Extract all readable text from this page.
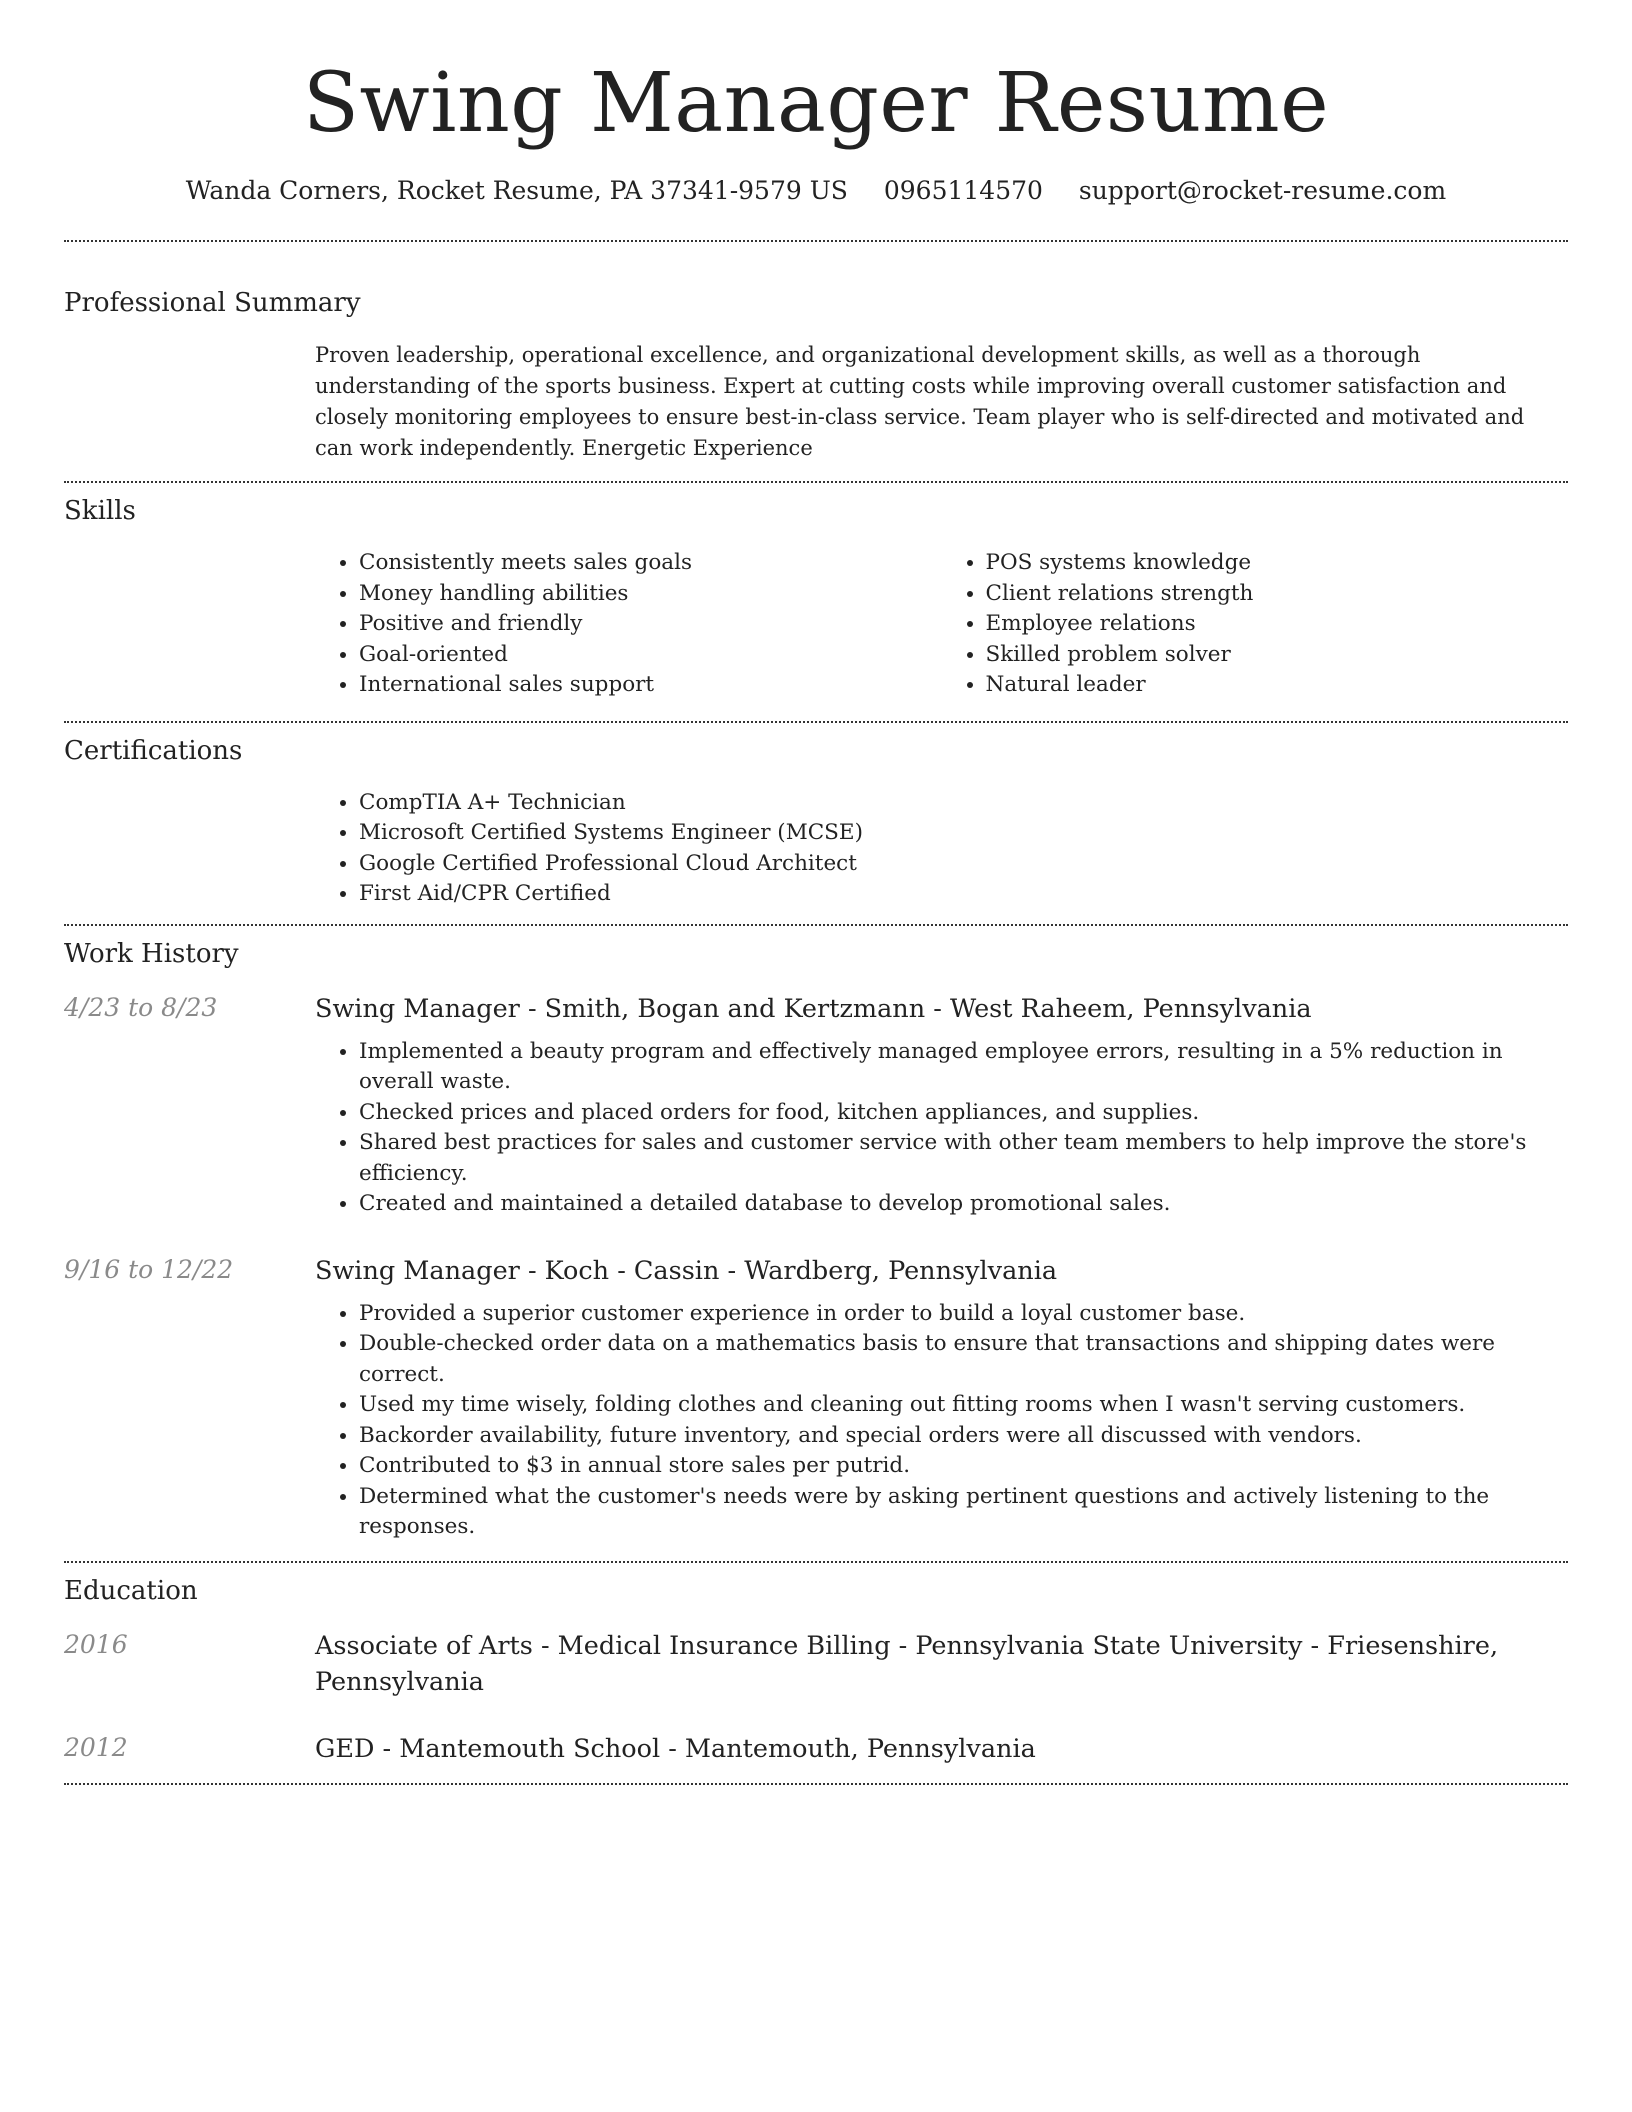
Swing Manager Resume
Wanda Corners, Rocket Resume, PA 37341-9579 US 0965114570 support@rocket-resume.com
Professional Summary
Proven leadership, operational excellence, and organizational development skills, as well as a thorough understanding of the sports business. Expert at cutting costs while improving overall customer satisfaction and closely monitoring employees to ensure best-in-class service. Team player who is self-directed and motivated and can work independently. Energetic Experience
Skills
• Consistently meets sales goals
• Money handling abilities
• Positive and friendly
• Goal-oriented
• International sales support
• POS systems knowledge
• Client relations strength
• Employee relations
• Skilled problem solver
• Natural leader
Certifications
• CompTIA A+ Technician
• Microsoft Certified Systems Engineer (MCSE)
• Google Certified Professional Cloud Architect
• First Aid/CPR Certified
Work History
4/23 to 8/23	Swing Manager - Smith, Bogan and Kertzmann - West Raheem, Pennsylvania
• Implemented a beauty program and effectively managed employee errors, resulting in a 5% reduction in overall waste.
• Checked prices and placed orders for food, kitchen appliances, and supplies.
• Shared best practices for sales and customer service with other team members to help improve the store's efficiency.
• Created and maintained a detailed database to develop promotional sales.
9/16 to 12/22	Swing Manager - Koch - Cassin - Wardberg, Pennsylvania
• Provided a superior customer experience in order to build a loyal customer base.
• Double-checked order data on a mathematics basis to ensure that transactions and shipping dates were correct.
• Used my time wisely, folding clothes and cleaning out fitting rooms when I wasn't serving customers.
• Backorder availability, future inventory, and special orders were all discussed with vendors.
• Contributed to $3 in annual store sales per putrid.
• Determined what the customer's needs were by asking pertinent questions and actively listening to the responses.
Education
2016	Associate of Arts - Medical Insurance Billing - Pennsylvania State University - Friesenshire, Pennsylvania
2012	GED - Mantemouth School - Mantemouth, Pennsylvania
